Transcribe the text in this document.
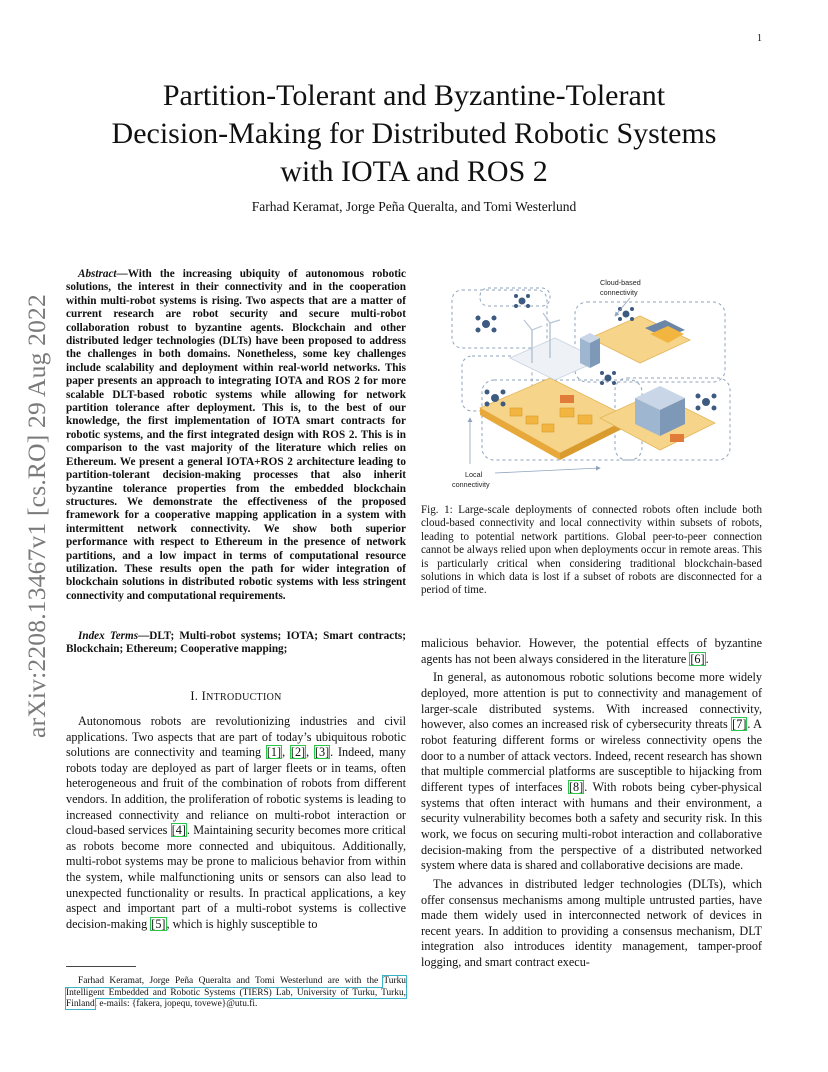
1
arXiv:2208.13467v1 [cs.RO] 29 Aug 2022
Partition-Tolerant and Byzantine-Tolerant
Decision-Making for Distributed Robotic Systems
with IOTA and ROS 2
Farhad Keramat, Jorge Peña Queralta, and Tomi Westerlund

Abstract—With the increasing ubiquity of autonomous robotic solutions, the interest in their connectivity and in the cooperation within multi-robot systems is rising. Two aspects that are a matter of current research are robot security and secure multi-robot collaboration robust to byzantine agents. Blockchain and other distributed ledger technologies (DLTs) have been proposed to address the challenges in both domains. Nonetheless, some key challenges include scalability and deployment within real-world networks. This paper presents an approach to integrating IOTA and ROS 2 for more scalable DLT-based robotic systems while allowing for network partition tolerance after deployment. This is, to the best of our knowledge, the first implementation of IOTA smart contracts for robotic systems, and the first integrated design with ROS 2. This is in comparison to the vast majority of the literature which relies on Ethereum. We present a general IOTA+ROS 2 architecture leading to partition-tolerant decision-making processes that also inherit byzantine tolerance properties from the embedded blockchain structures. We demonstrate the effectiveness of the proposed framework for a cooperative mapping application in a system with intermittent network connectivity. We show both superior performance with respect to Ethereum in the presence of network partitions, and a low impact in terms of computational resource utilization. These results open the path for wider integration of blockchain solutions in distributed robotic systems with less stringent connectivity and computational requirements.

Index Terms—DLT; Multi-robot systems; IOTA; Smart contracts; Blockchain; Ethereum; Cooperative mapping;

I. INTRODUCTION

Autonomous robots are revolutionizing industries and civil applications. Two aspects that are part of today’s ubiquitous robotic solutions are connectivity and teaming [1], [2], [3]. Indeed, many robots today are deployed as part of larger fleets or in teams, often heterogeneous and fruit of the combination of robots from different vendors. In addition, the proliferation of robotic systems is leading to increased connectivity and reliance on multi-robot interaction or cloud-based services [4]. Maintaining security becomes more critical as robots become more connected and ubiquitous. Additionally, multi-robot systems may be prone to malicious behavior from within the system, while malfunctioning units or sensors can also lead to unexpected functionality or results. In practical applications, a key aspect and important part of a multi-robot systems is collective decision-making [5], which is highly susceptible to

Farhad Keramat, Jorge Peña Queralta and Tomi Westerlund are with the Turku Intelligent Embedded and Robotic Systems (TIERS) Lab, University of Turku, Turku, Finland. e-mails: {fakera, jopequ, tovewe}@utu.fi.

Cloud-based
connectivity
Local
connectivity

Fig. 1: Large-scale deployments of connected robots often include both cloud-based connectivity and local connectivity within subsets of robots, leading to potential network partitions. Global peer-to-peer connection cannot be always relied upon when deployments occur in remote areas. This is particularly critical when considering traditional blockchain-based solutions in which data is lost if a subset of robots are disconnected for a period of time.

malicious behavior. However, the potential effects of byzantine agents has not been always considered in the literature [6].

In general, as autonomous robotic solutions become more widely deployed, more attention is put to connectivity and management of larger-scale distributed systems. With increased connectivity, however, also comes an increased risk of cybersecurity threats [7]. A robot featuring different forms or wireless connectivity opens the door to a number of attack vectors. Indeed, recent research has shown that multiple commercial platforms are susceptible to hijacking from different types of interfaces [8]. With robots being cyber-physical systems that often interact with humans and their environment, a security vulnerability becomes both a safety and security risk. In this work, we focus on securing multi-robot interaction and collaborative decision-making from the perspective of a distributed networked system where data is shared and collaborative decisions are made.

The advances in distributed ledger technologies (DLTs), which offer consensus mechanisms among multiple untrusted parties, have made them widely used in interconnected network of devices in recent years. In addition to providing a consensus mechanism, DLT integration also introduces identity management, tamper-proof logging, and smart contract execu-
